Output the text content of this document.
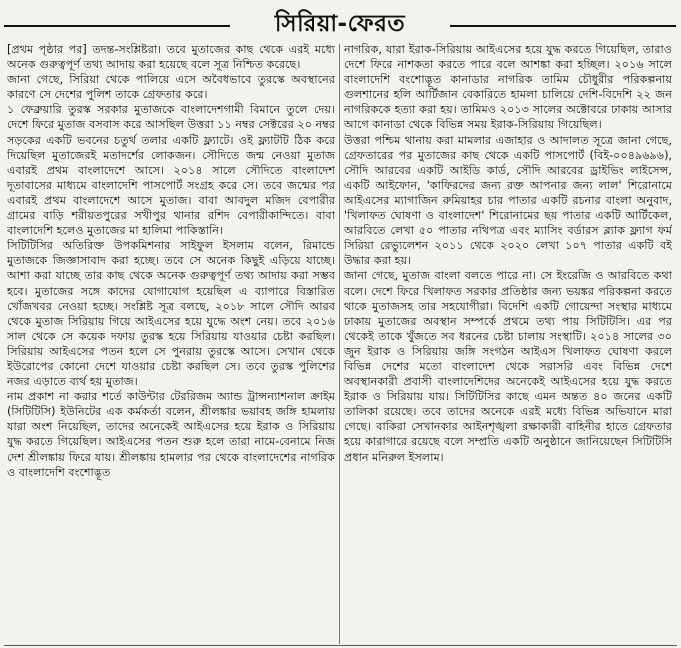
সিরিয়া-ফেরত

[প্রথম পৃষ্ঠার পর] তদন্ত-সংশ্লিষ্টরা। তবে মুতাজের কাছ থেকে এরই মধ্যে অনেক গুরুত্বপূর্ণ তথ্য আদায় করা হয়েছে বলে সূত্র নিশ্চিত করেছে।

জানা গেছে, সিরিয়া থেকে পালিয়ে এসে অবৈধভাবে তুরস্কে অবস্থানের কারণে সে দেশের পুলিশ তাকে গ্রেফতার করে।

১ ফেব্রুয়ারি তুরস্ক সরকার মুতাজকে বাংলাদেশগামী বিমানে তুলে দেয়। দেশে ফিরে মুতাজ বসবাস করে আসছিল উত্তরা ১১ নম্বর সেক্টরের ২০ নম্বর সড়কের একটি ভবনের চতুর্থ তলার একটি ফ্ল্যাটে। ওই ফ্ল্যাটটি ঠিক করে দিয়েছিল মুতাজেরই মতাদর্শের লোকজন। সৌদিতে জন্ম নেওয়া মুতাজ এবারই প্রথম বাংলাদেশে আসে। ২০১৪ সালে সৌদিতে বাংলাদেশ দূতাবাসের মাধ্যমে বাংলাদেশি পাসপোর্ট সংগ্রহ করে সে। তবে জন্মের পর এবারই প্রথম বাংলাদেশে আসে মুতাজ। বাবা আবদুল মজিদ বেপারীর গ্রামের বাড়ি শরীয়তপুরের সখীপুর থানার রশিদ বেপারীকান্দিতে। বাবা বাংলাদেশি হলেও মুতাজের মা হালিমা পাকিস্তানি।

সিটিটিসির অতিরিক্ত উপকমিশনার সাইফুল ইসলাম বলেন, রিমান্ডে মুতাজকে জিজ্ঞাসাবাদ করা হচ্ছে। তবে সে অনেক কিছুই এড়িয়ে যাচ্ছে। আশা করা যাচ্ছে তার কাছ থেকে অনেক গুরুত্বপূর্ণ তথ্য আদায় করা সম্ভব হবে। মুতাজের সঙ্গে কাদের যোগাযোগ হয়েছিল এ ব্যাপারে বিস্তারিত খোঁজখবর নেওয়া হচ্ছে। সংশ্লিষ্ট সূত্র বলছে, ২০১৮ সালে সৌদি আরব থেকে মুতাজ সিরিয়ায় গিয়ে আইএসের হয়ে যুদ্ধে অংশ নেয়। তবে ২০১৬ সাল থেকে সে কয়েক দফায় তুরস্ক হয়ে সিরিয়ায় যাওয়ার চেষ্টা করছিল। সিরিয়ায় আইএসের পতন হলে সে পুনরায় তুরস্কে আসে। সেখান থেকে ইউরোপের কোনো দেশে যাওয়ার চেষ্টা করছিল সে। তবে তুরস্ক পুলিশের নজর এড়াতে ব্যর্থ হয় মুতাজ।

নাম প্রকাশ না করার শর্তে কাউন্টার টেররিজম অ্যান্ড ট্রান্সন্যাশনাল ক্রাইম (সিটিটিসি) ইউনিটের এক কর্মকর্তা বলেন, শ্রীলঙ্কার ভয়াবহ জঙ্গি হামলায় যারা অংশ নিয়েছিল, তাদের অনেকেই আইএসের হয়ে ইরাক ও সিরিয়ায় যুদ্ধ করতে গিয়েছিল। আইএসের পতন শুরু হলে তারা নামে-বেনামে নিজ দেশ শ্রীলঙ্কায় ফিরে যায়। শ্রীলঙ্কায় হামলার পর থেকে বাংলাদেশের নাগরিক ও বাংলাদেশি বংশোদ্ভূত

নাগরিক, যারা ইরাক-সিরিয়ায় আইএসের হয়ে যুদ্ধ করতে গিয়েছিল, তারাও দেশে ফিরে নাশকতা করতে পারে বলে আশঙ্কা করা হচ্ছিল। ২০১৬ সালে বাংলাদেশি বংশোদ্ভূত কানাডার নাগরিক তামিম চৌধুরীর পরিকল্পনায় গুলশানের হলি আর্টিজান বেকারিতে হামলা চালিয়ে দেশি-বিদেশি ২২ জন নাগরিককে হত্যা করা হয়। তামিমও ২০১৩ সালের অক্টোবরে ঢাকায় আসার আগে কানাডা থেকে বিভিন্ন সময় ইরাক-সিরিয়ায় গিয়েছিল।

উত্তরা পশ্চিম থানায় করা মামলার এজাহার ও আদালত সূত্রে জানা গেছে, গ্রেফতারের পর মুতাজের কাছ থেকে একটি পাসপোর্ট (বিই-০০৪৯৬৯৬), সৌদি আরবের একটি আইডি কার্ড, সৌদি আরবের ড্রাইভিং লাইসেন্স, একটি আইফোন, 'কাফিরদের জন্য রক্ত আপনার জন্য লাল' শিরোনামে আইএসের ম্যাগাজিন রুমিয়াহর চার পাতার একটি রচনার বাংলা অনুবাদ, 'খিলাফত ঘোষণা ও বাংলাদেশ' শিরোনামের ছয় পাতার একটি আর্টিকেল, আরবিতে লেখা ৫০ পাতার নথিপত্র এবং ম্যাসিং বর্ডারস ব্ল্যাক ফ্ল্যাগ ফর্ম সিরিয়া রেভ্যুলেশন ২০১১ থেকে ২০২০ লেখা ১০৭ পাতার একটি বই উদ্ধার করা হয়।

জানা গেছে, মুতাজ বাংলা বলতে পারে না। সে ইংরেজি ও আরবিতে কথা বলে। দেশে ফিরে খিলাফত সরকার প্রতিষ্ঠার জন্য ভয়ঙ্কর পরিকল্পনা করতে থাকে মুতাজসহ তার সহযোগীরা। বিদেশি একটি গোয়েন্দা সংস্থার মাধ্যমে ঢাকায় মুতাজের অবস্থান সম্পর্কে প্রথমে তথ্য পায় সিটিটিসি। এর পর থেকেই তাকে খুঁজতে সব ধরনের চেষ্টা চালায় সংস্থাটি। ২০১৪ সালের ৩০ জুন ইরাক ও সিরিয়ায় জঙ্গি সংগঠন আইএস খিলাফত ঘোষণা করলে বিভিন্ন দেশের মতো বাংলাদেশ থেকে সরাসরি এবং বিভিন্ন দেশে অবস্থানকারী প্রবাসী বাংলাদেশিদের অনেকেই আইএসের হয়ে যুদ্ধ করতে ইরাক ও সিরিয়ায় যায়। সিটিটিসির কাছে এমন অন্তত ৪০ জনের একটি তালিকা রয়েছে। তবে তাদের অনেকে এরই মধ্যে বিভিন্ন অভিযানে মারা গেছে। বাকিরা সেখানকার আইনশৃঙ্খলা রক্ষাকারী বাহিনীর হাতে গ্রেফতার হয়ে কারাগারে রয়েছে বলে সম্প্রতি একটি অনুষ্ঠানে জানিয়েছেন সিটিটিসি প্রধান মনিরুল ইসলাম।
